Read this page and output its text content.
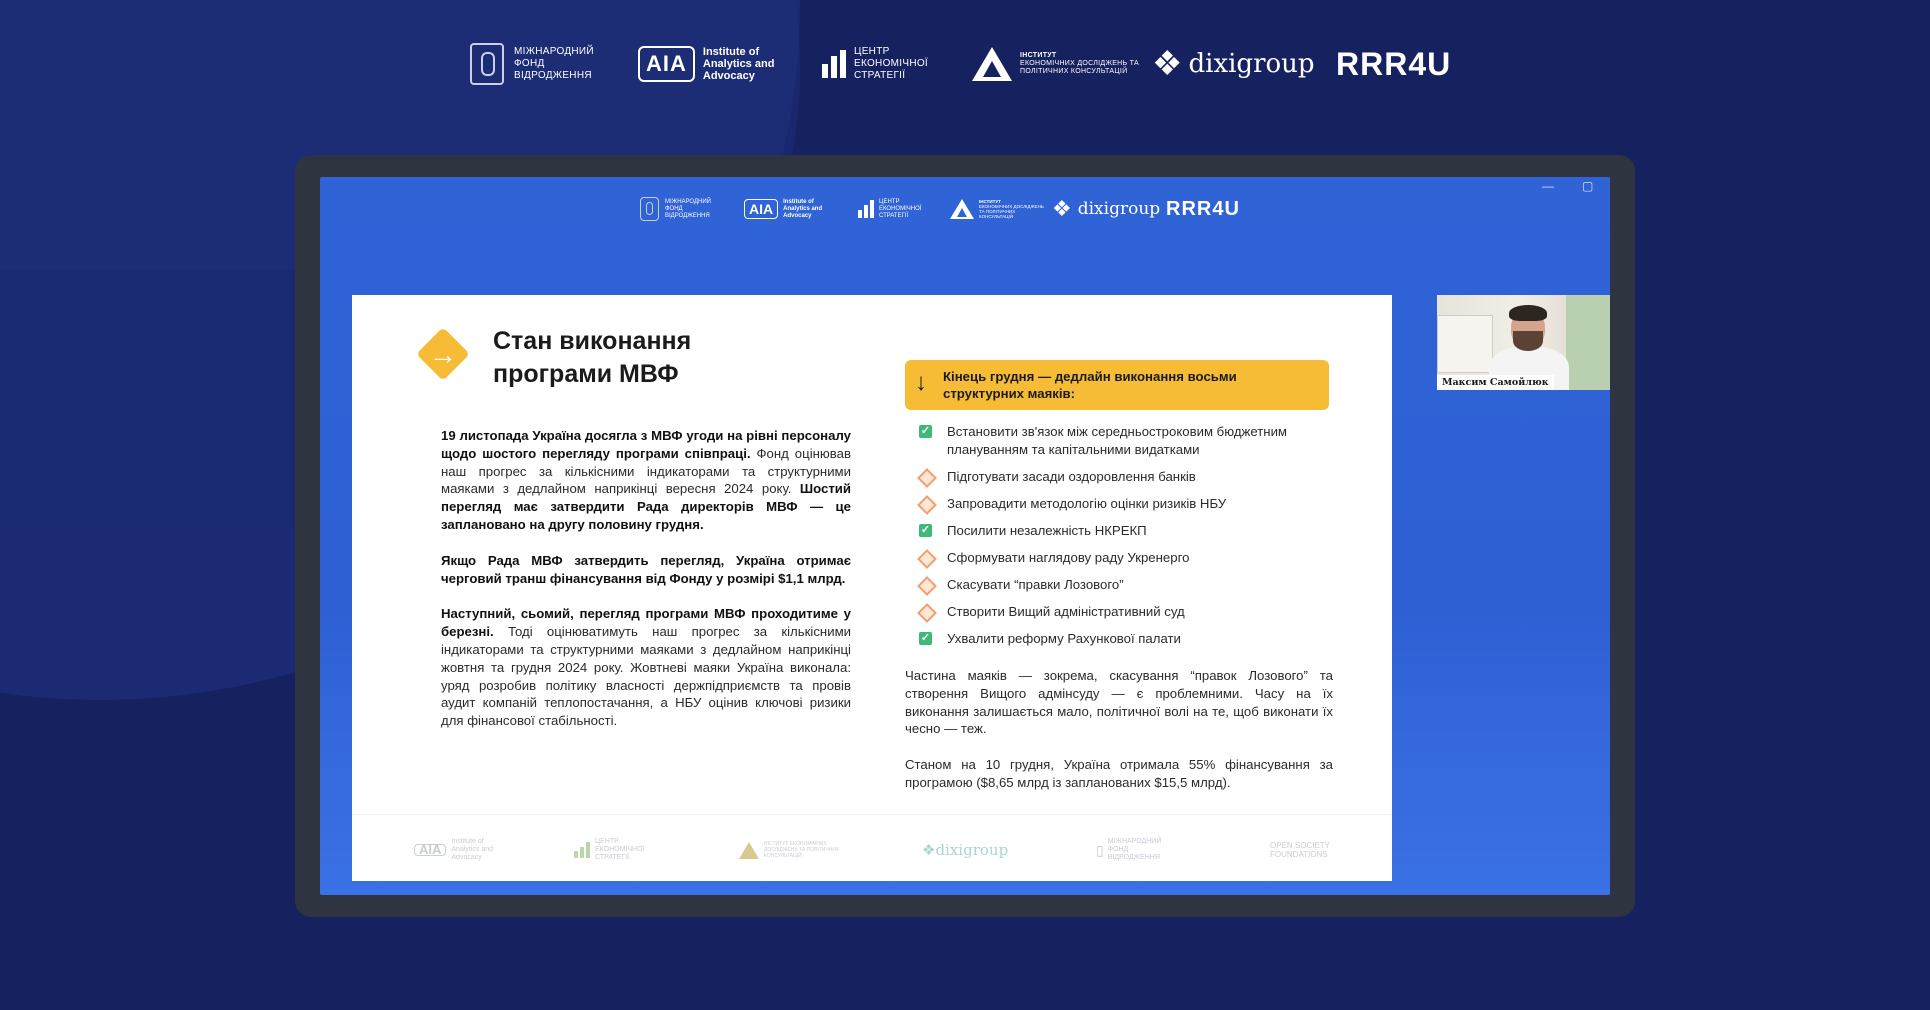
МІЖНАРОДНИЙ ФОНД ВІДРОДЖЕННЯ	AIA	Institute of Analytics and Advocacy
ЦЕНТР ЕКОНОМІЧНОЇ СТРАТЕГІЇ
ІНСТИТУТ
ЕКОНОМІЧНИХ ДОСЛІДЖЕНЬ ТА ПОЛІТИЧНИХ КОНСУЛЬТАЦІЙ ❖ dixigroup RRR4U
— ▢
МІЖНАРОДНИЙ ФОНД ВІДРОДЖЕННЯ	AIA	Institute of Analytics and Advocacy
ЦЕНТР ЕКОНОМІЧНОЇ СТРАТЕГІЇ
ІНСТИТУТ
ЕКОНОМІЧНИХ ДОСЛІДЖЕНЬ ТА ПОЛІТИЧНИХ КОНСУЛЬТАЦІЙ	❖ dixigroup RRR4U
→ Стан виконання програми МВФ

19 листопада Україна досягла з МВФ угоди на рівні персоналу щодо шостого перегляду програми співпраці. Фонд оцінював наш прогрес за кількісними індикаторами та структурними маяками з дедлайном наприкінці вересня 2024 року. Шостий перегляд має затвердити Рада директорів МВФ — це заплановано на другу половину грудня.

Якщо Рада МВФ затвердить перегляд, Україна отримає черговий транш фінансування від Фонду у розмірі $1,1 млрд.

Наступний, сьомий, перегляд програми МВФ проходитиме у березні. Тоді оцінюватимуть наш прогрес за кількісними індикаторами та структурними маяками з дедлайном наприкінці жовтня та грудня 2024 року. Жовтневі маяки Україна виконала: уряд розробив політику власності держпідприємств та провів аудит компаній теплопостачання, а НБУ оцінив ключові ризики для фінансової стабільності.

↓ Кінець грудня — дедлайн виконання восьми структурних маяків:
✓ Встановити зв'язок між середньостроковим бюджетним плануванням та капітальними видатками
Підготувати засади оздоровлення банків
Запровадити методологію оцінки ризиків НБУ
✓ Посилити незалежність НКРЕКП
Сформувати наглядову раду Укренерго
Скасувати “правки Лозового”
Створити Вищий адміністративний суд
✓ Ухвалити реформу Рахункової палати

Частина маяків — зокрема, скасування “правок Лозового” та створення Вищого адмінсуду — є проблемними. Часу на їх виконання залишається мало, політичної волі на те, щоб виконати їх чесно — теж.

Станом на 10 грудня, Україна отримала 55% фінансування за програмою ($8,65 млрд із запланованих $15,5 млрд).

AIA
Institute of Analytics and Advocacy
ЦЕНТР ЕКОНОМІЧНОЇ СТРАТЕГІЇ
ІНСТИТУТ ЕКОНОМІЧНИХ ДОСЛІДЖЕНЬ ТА ПОЛІТИЧНИХ КОНСУЛЬТАЦІЙ	❖ dixigroup	▯
МІЖНАРОДНИЙ ФОНД ВІДРОДЖЕННЯ
OPEN SOCIETY FOUNDATIONS
Максим Самойлюк
